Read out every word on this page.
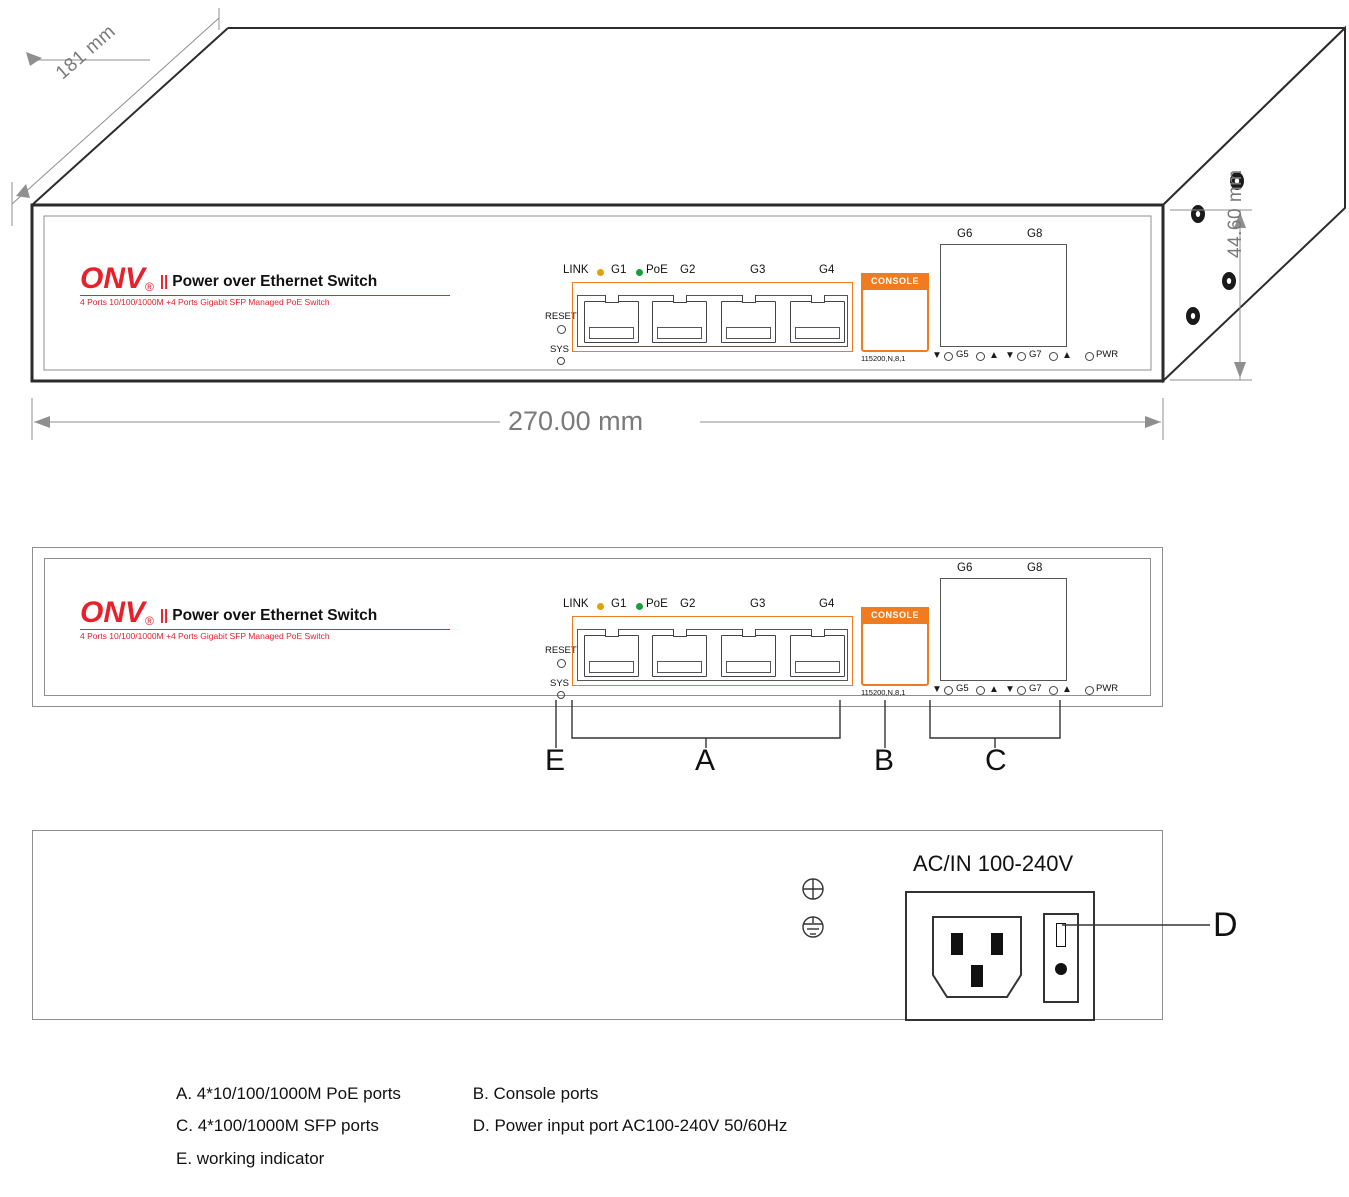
181 mm
270.00 mm
44.60 mm
ONV ® || Power over Ethernet Switch
4 Ports 10/100/1000M +4 Ports Gigabit SFP Managed PoE Switch
RESET
SYS
LINK G1 PoE G2	G3	G4
CONSOLE
115200,N,8,1
G6	G8
▼ G5 ▲ ▼ G7 ▲	PWR
ONV ® || Power over Ethernet Switch
4 Ports 10/100/1000M +4 Ports Gigabit SFP Managed PoE Switch
RESET
SYS
LINK G1 PoE G2	G3	G4
CONSOLE
115200,N,8,1
G6	G8
▼ G5 ▲ ▼ G7 ▲	PWR
E	A	B	C
AC/IN 100-240V
D
A. 4*10/100/1000M PoE ports	B. Console ports
C. 4*100/1000M SFP ports	D. Power input port AC100-240V 50/60Hz
E. working indicator
